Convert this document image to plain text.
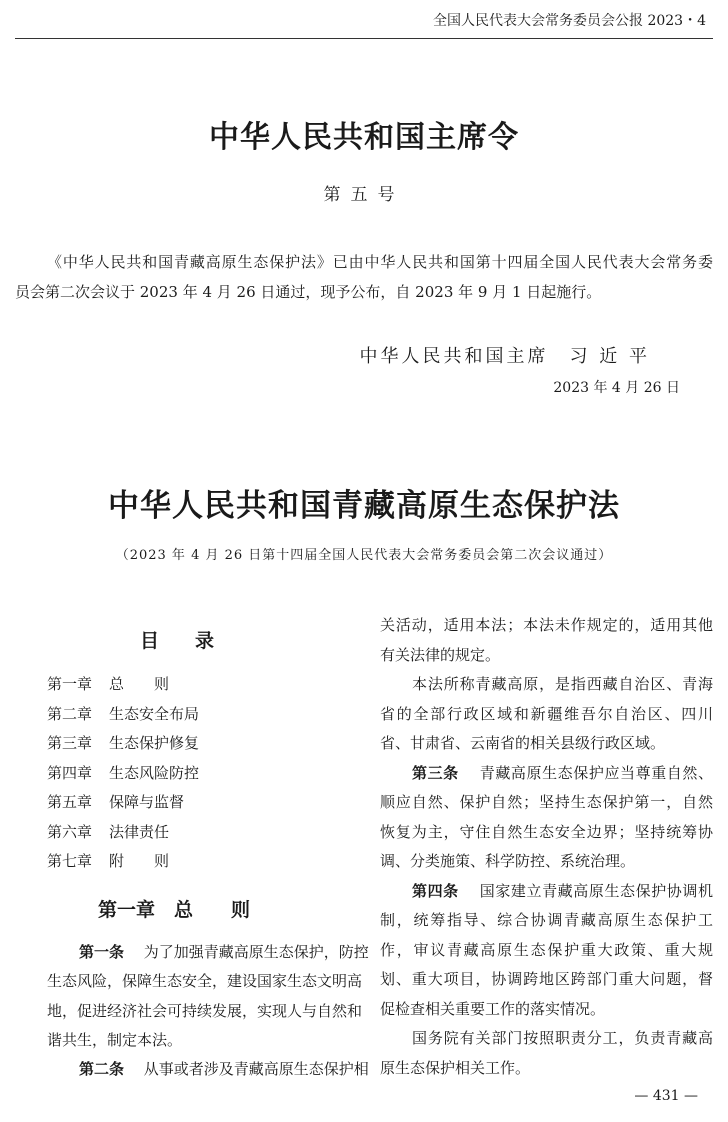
全国人民代表大会常务委员会公报 2023・4
中华人民共和国主席令
第五号
《中华人民共和国青藏高原生态保护法》已由中华人民共和国第十四届全国人民代表大会常务委
员会第二次会议于 2023 年 4 月 26 日通过，现予公布，自 2023 年 9 月 1 日起施行。
中华人民共和国主席　习 近 平
2023 年 4 月 26 日
中华人民共和国青藏高原生态保护法
（2023 年 4 月 26 日第十四届全国人民代表大会常务委员会第二次会议通过）
目录
第一章 总　　则
第二章 生态安全布局
第三章 生态保护修复
第四章 生态风险防控
第五章 保障与监督
第六章 法律责任
第七章 附　　则
第一章　总　　则
第一条　 为了加强青藏高原生态保护，防控
生态风险，保障生态安全，建设国家生态文明高
地，促进经济社会可持续发展，实现人与自然和
谐共生，制定本法。
第二条　 从事或者涉及青藏高原生态保护相
关活动，适用本法；本法未作规定的，适用其他
有关法律的规定。
本法所称青藏高原，是指西藏自治区、青海
省的全部行政区域和新疆维吾尔自治区、四川
省、甘肃省、云南省的相关县级行政区域。
第三条　 青藏高原生态保护应当尊重自然、
顺应自然、保护自然；坚持生态保护第一，自然
恢复为主，守住自然生态安全边界；坚持统筹协
调、分类施策、科学防控、系统治理。
第四条　 国家建立青藏高原生态保护协调机
制，统筹指导、综合协调青藏高原生态保护工
作，审议青藏高原生态保护重大政策、重大规
划、重大项目，协调跨地区跨部门重大问题，督
促检查相关重要工作的落实情况。
国务院有关部门按照职责分工，负责青藏高
原生态保护相关工作。
— 431 —
